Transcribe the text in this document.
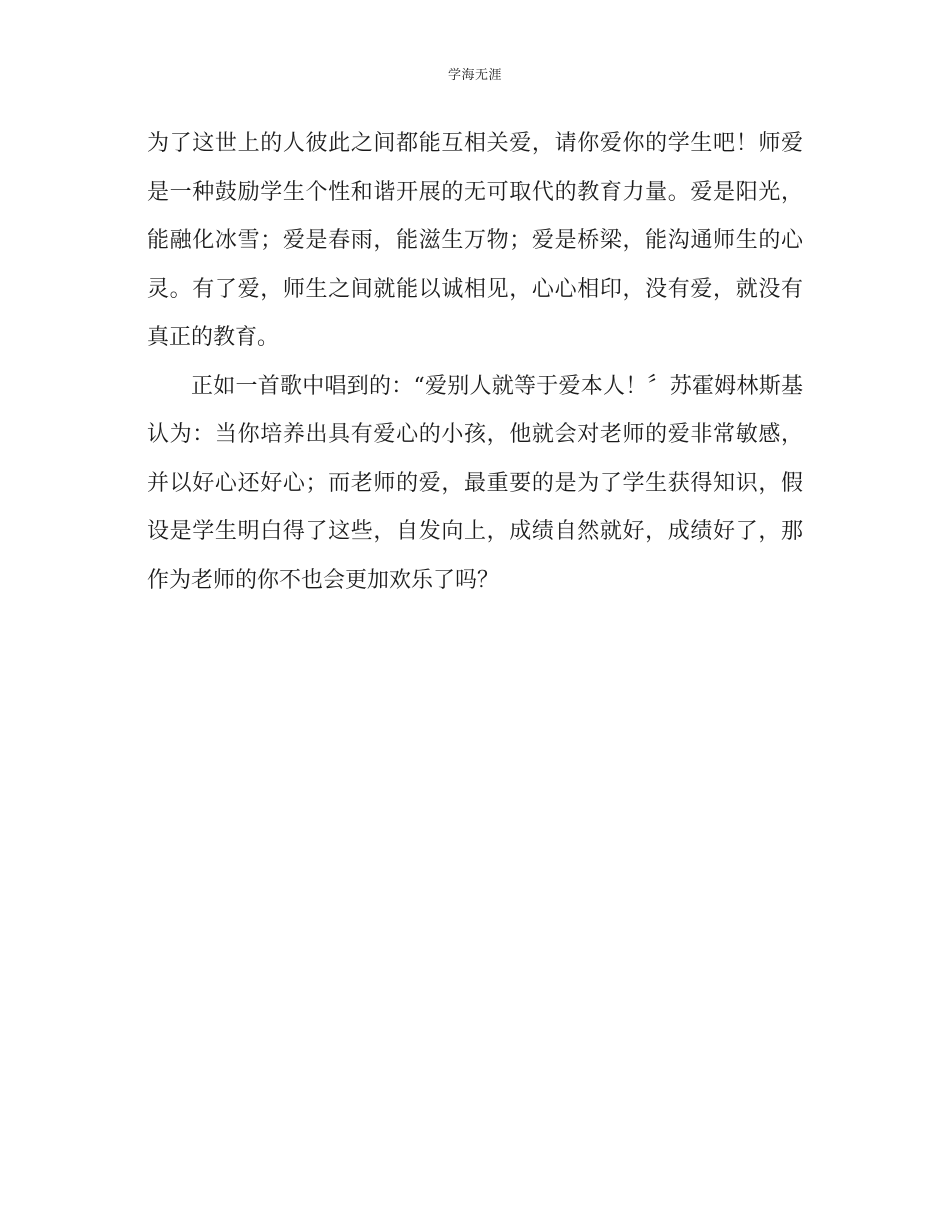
学海无涯

为了这世上的人彼此之间都能互相关爱，请你爱你的学生吧！师爱是一种鼓励学生个性和谐开展的无可取代的教育力量。爱是阳光，能融化冰雪；爱是春雨，能滋生万物；爱是桥梁，能沟通师生的心灵。有了爱，师生之间就能以诚相见，心心相印，没有爱，就没有真正的教育。

正如一首歌中唱到的：“爱别人就等于爱本人！〞苏霍姆林斯基认为：当你培养出具有爱心的小孩，他就会对老师的爱非常敏感，并以好心还好心；而老师的爱，最重要的是为了学生获得知识，假设是学生明白得了这些，自发向上，成绩自然就好，成绩好了，那作为老师的你不也会更加欢乐了吗？
